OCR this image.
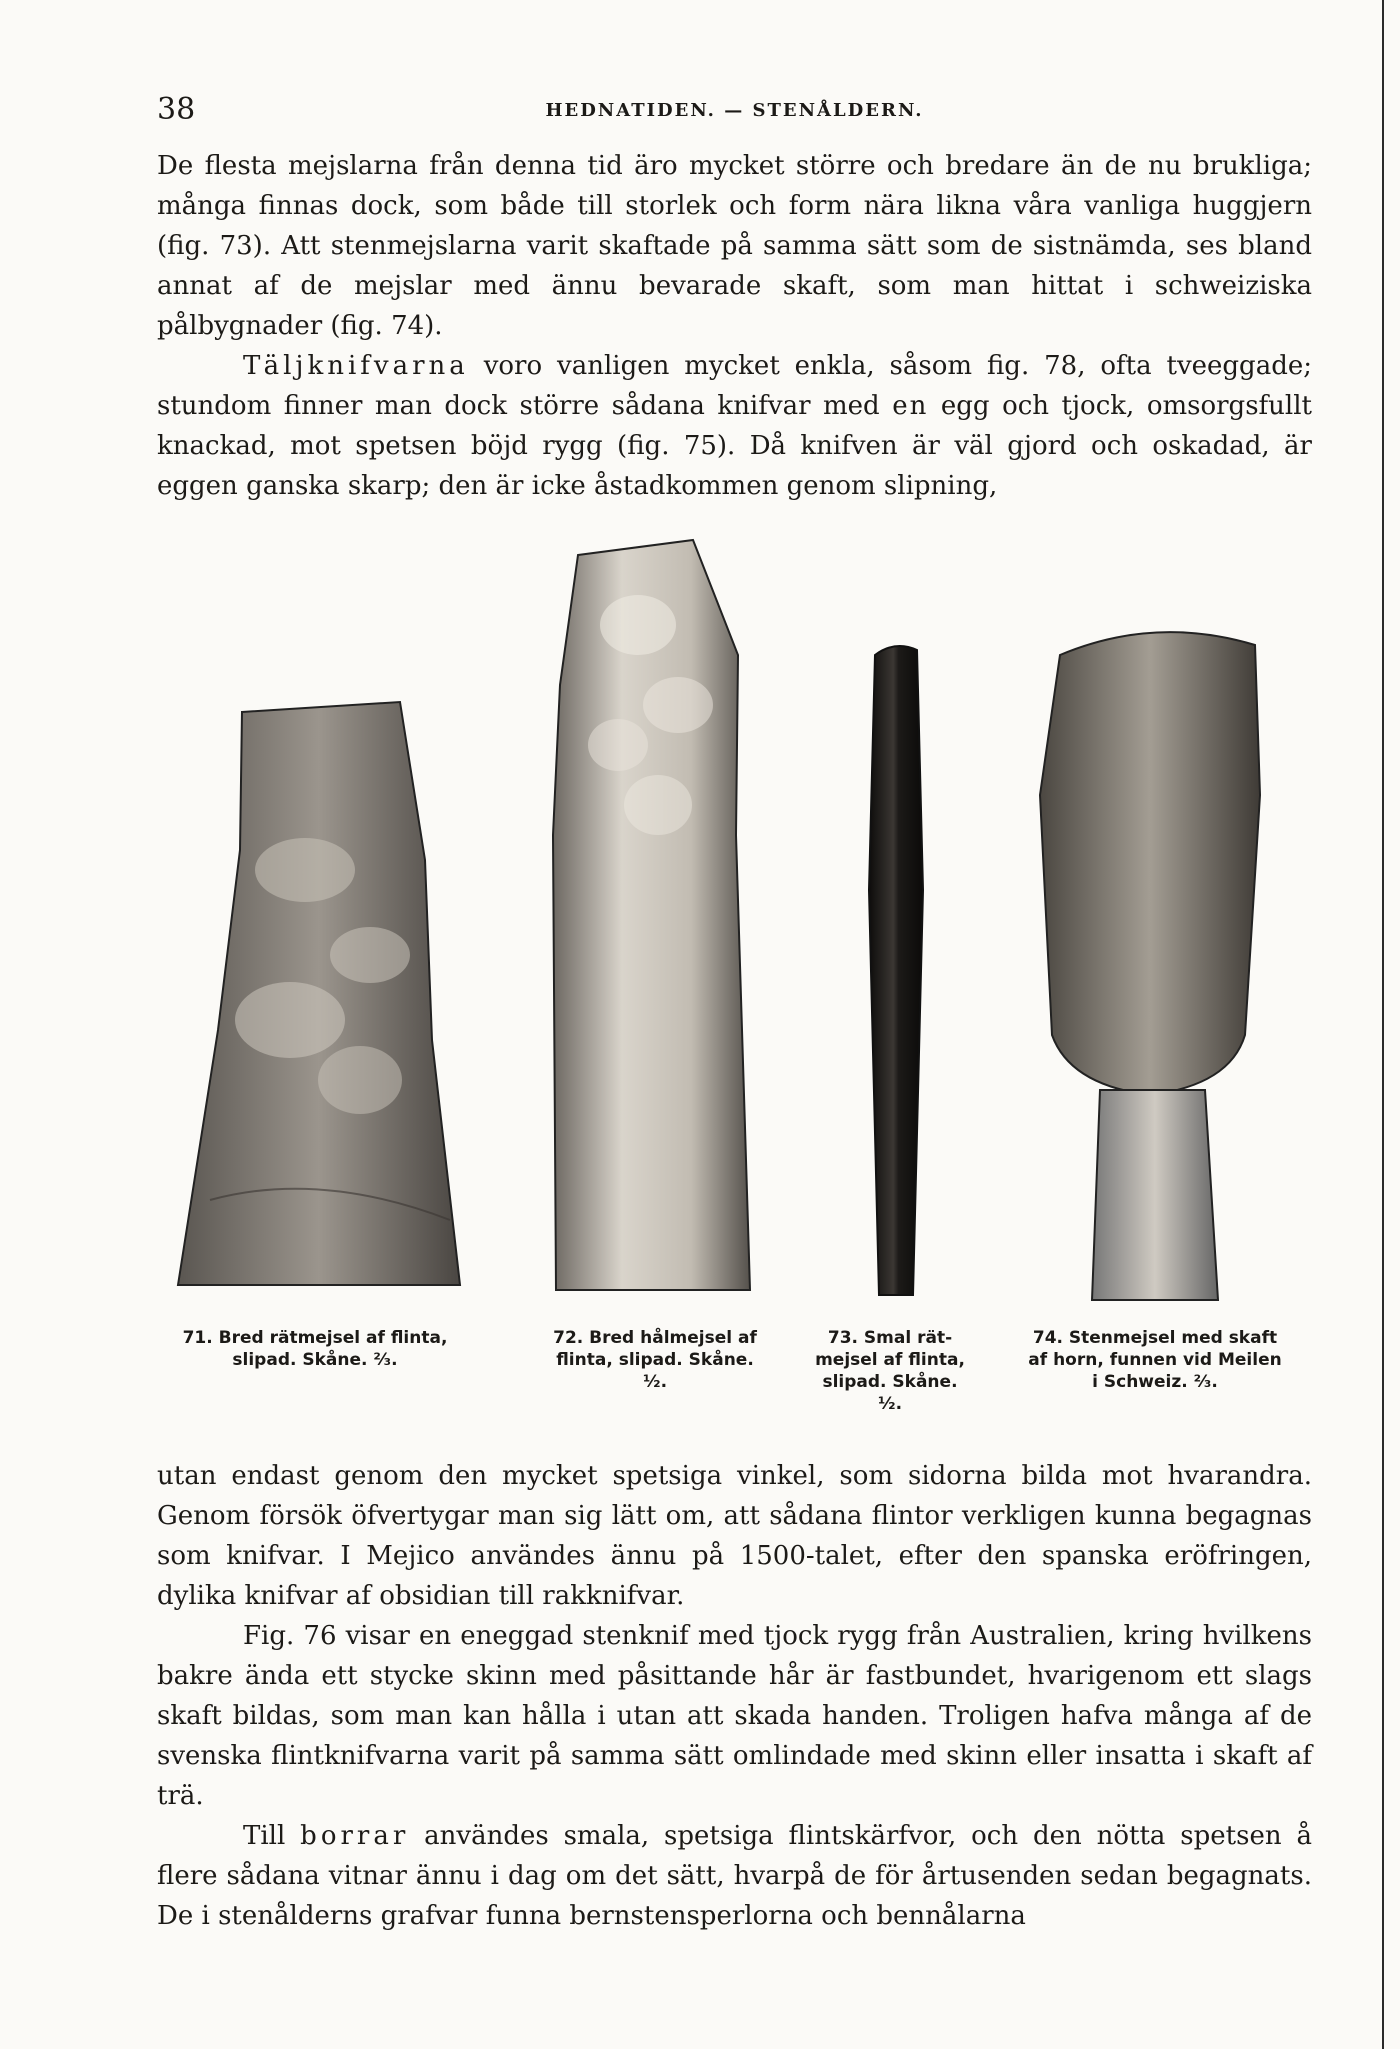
38	HEDNATIDEN. — STENÅLDERN.

De flesta mejslarna från denna tid äro mycket större och bredare än de nu brukliga; många finnas dock, som både till storlek och form nära likna våra vanliga huggjern (fig. 73). Att stenmejslarna varit skaftade på samma sätt som de sistnämda, ses bland annat af de mejslar med ännu bevarade skaft, som man hittat i schweiziska pålbygnader (fig. 74).

Täljknifvarna voro vanligen mycket enkla, såsom fig. 78, ofta tveeggade; stundom finner man dock större sådana knifvar med en egg och tjock, omsorgsfullt knackad, mot spetsen böjd rygg (fig. 75). Då knifven är väl gjord och oskadad, är eggen ganska skarp; den är icke åstadkommen genom slipning,

71. Bred rätmejsel af flinta,
slipad. Skåne. ²⁄₃.
72. Bred hålmejsel af
flinta, slipad. Skåne.
¹⁄₂.
73. Smal rät-
mejsel af flinta,
slipad. Skåne.
¹⁄₂.
74. Stenmejsel med skaft
af horn, funnen vid Meilen
i Schweiz. ²⁄₃.

utan endast genom den mycket spetsiga vinkel, som sidorna bilda mot hvarandra. Genom försök öfvertygar man sig lätt om, att sådana flintor verkligen kunna begagnas som knifvar. I Mejico användes ännu på 1500-talet, efter den spanska eröfringen, dylika knifvar af obsidian till rakknifvar.

Fig. 76 visar en eneggad stenknif med tjock rygg från Australien, kring hvilkens bakre ända ett stycke skinn med påsittande hår är fastbundet, hvarigenom ett slags skaft bildas, som man kan hålla i utan att skada handen. Troligen hafva många af de svenska flintknifvarna varit på samma sätt omlindade med skinn eller insatta i skaft af trä.

Till borrar användes smala, spetsiga flintskärfvor, och den nötta spetsen å flere sådana vitnar ännu i dag om det sätt, hvarpå de för årtusenden sedan begagnats. De i stenålderns grafvar funna bernstensperlorna och bennålarna
